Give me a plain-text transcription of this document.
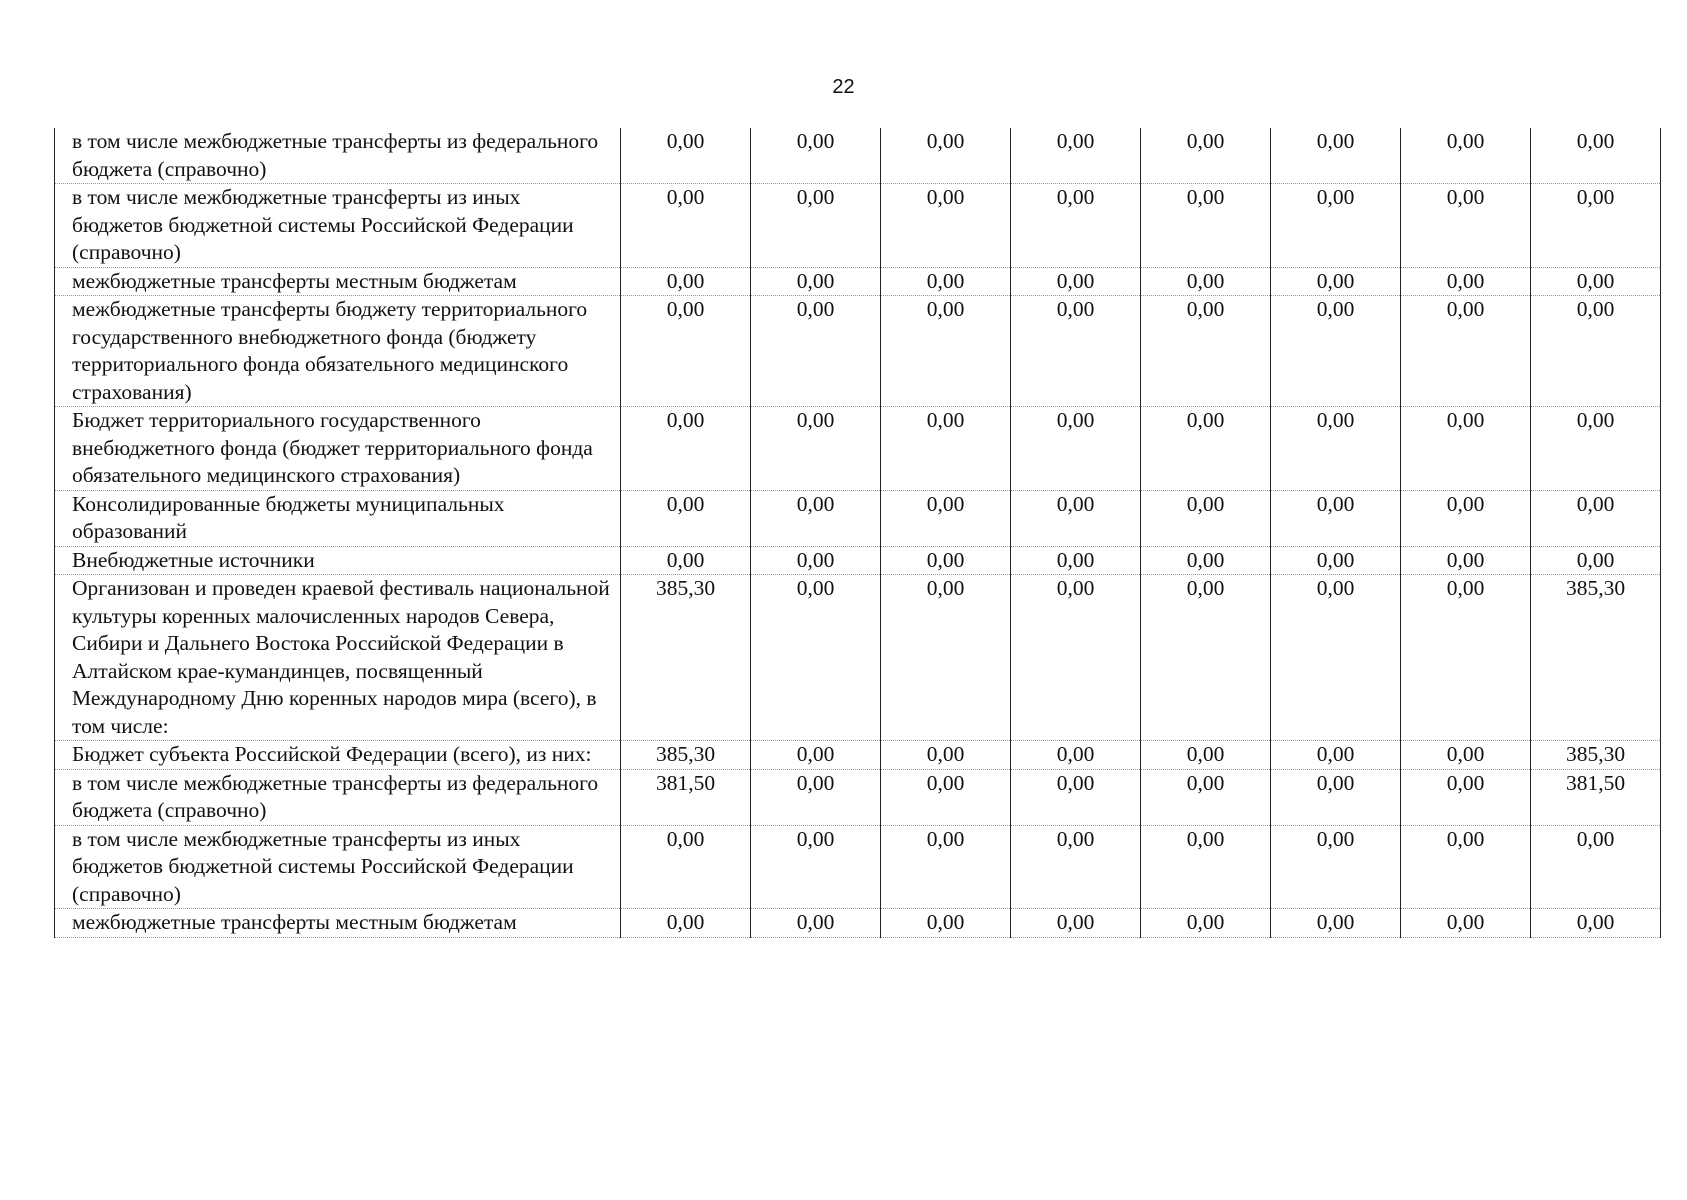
22
в том числе межбюджетные трансферты из федерального бюджета (справочно)	0,00	0,00	0,00	0,00	0,00	0,00	0,00	0,00
в том числе межбюджетные трансферты из иных бюджетов бюджетной системы Российской Федерации (справочно)	0,00	0,00	0,00	0,00	0,00	0,00	0,00	0,00
межбюджетные трансферты местным бюджетам	0,00	0,00	0,00	0,00	0,00	0,00	0,00	0,00
межбюджетные трансферты бюджету территориального государственного внебюджетного фонда (бюджету территориального фонда обязательного медицинского страхования)	0,00	0,00	0,00	0,00	0,00	0,00	0,00	0,00
Бюджет территориального государственного внебюджетного фонда (бюджет территориального фонда обязательного медицинского страхования)	0,00	0,00	0,00	0,00	0,00	0,00	0,00	0,00
Консолидированные бюджеты муниципальных образований	0,00	0,00	0,00	0,00	0,00	0,00	0,00	0,00
Внебюджетные источники	0,00	0,00	0,00	0,00	0,00	0,00	0,00	0,00
Организован и проведен краевой фестиваль национальной культуры коренных малочисленных народов Севера, Сибири и Дальнего Востока Российской Федерации в Алтайском крае-кумандинцев, посвященный Международному Дню коренных народов мира (всего), в том числе:	385,30	0,00	0,00	0,00	0,00	0,00	0,00	385,30
Бюджет субъекта Российской Федерации (всего), из них:	385,30	0,00	0,00	0,00	0,00	0,00	0,00	385,30
в том числе межбюджетные трансферты из федерального бюджета (справочно)	381,50	0,00	0,00	0,00	0,00	0,00	0,00	381,50
в том числе межбюджетные трансферты из иных бюджетов бюджетной системы Российской Федерации (справочно)	0,00	0,00	0,00	0,00	0,00	0,00	0,00	0,00
межбюджетные трансферты местным бюджетам	0,00	0,00	0,00	0,00	0,00	0,00	0,00	0,00
